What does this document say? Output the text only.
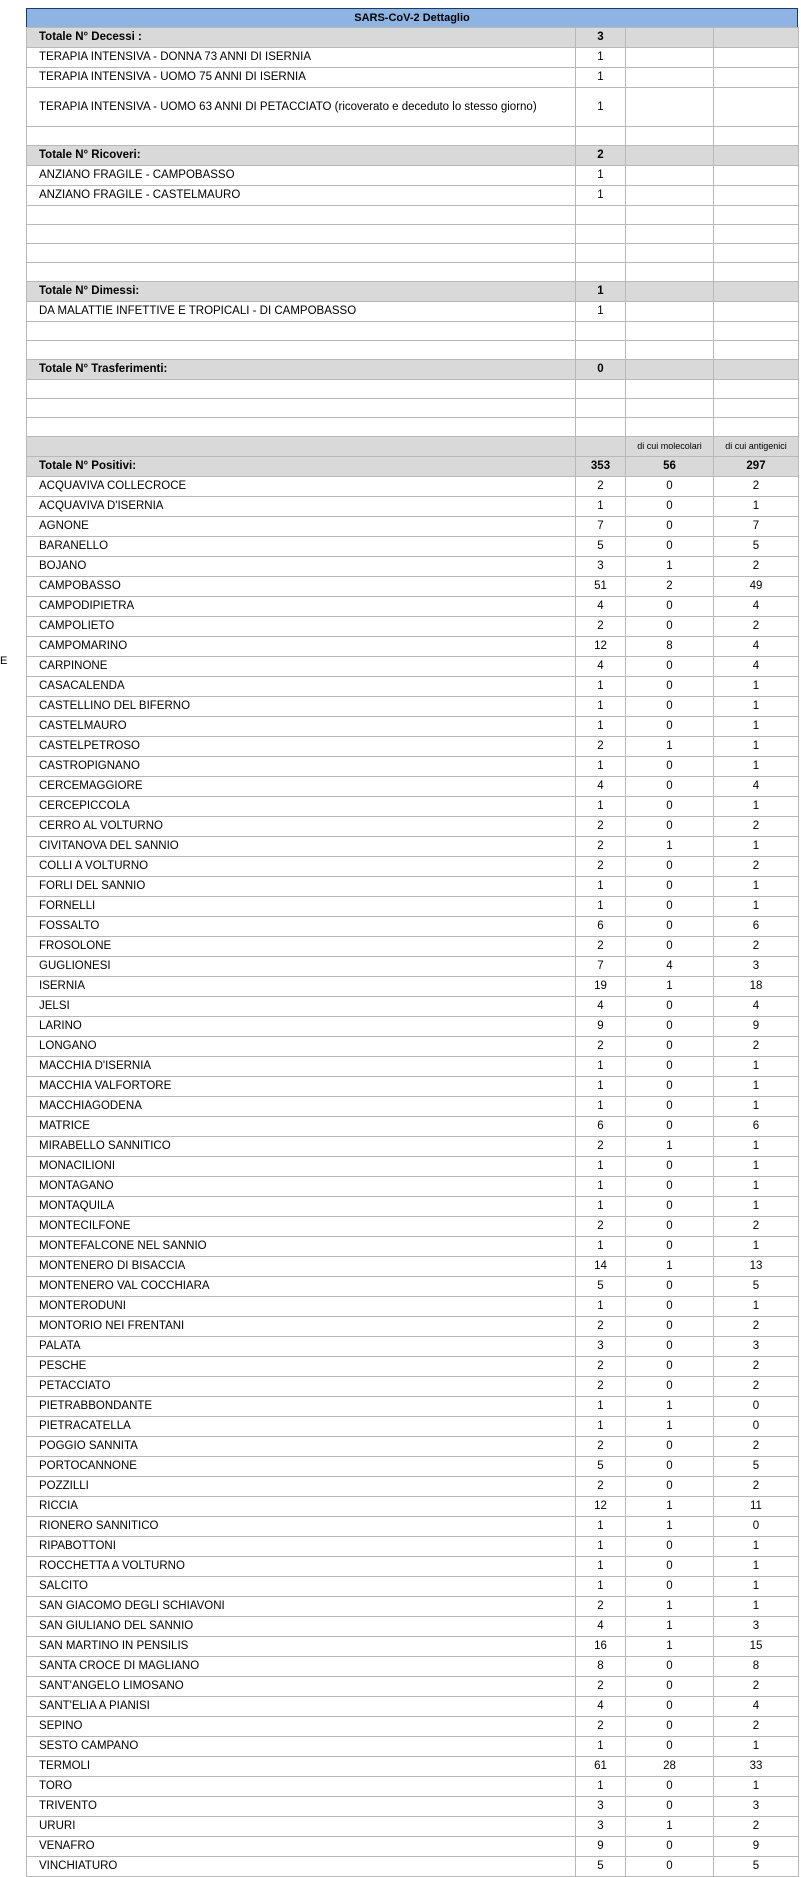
SARS-CoV-2 Dettaglio
Totale N° Decessi :	3		
TERAPIA INTENSIVA - DONNA 73 ANNI DI ISERNIA	1		
TERAPIA INTENSIVA - UOMO 75 ANNI DI ISERNIA	1		
TERAPIA INTENSIVA - UOMO 63 ANNI DI PETACCIATO (ricoverato e deceduto lo stesso giorno)	1		

Totale N° Ricoveri:	2		
ANZIANO FRAGILE - CAMPOBASSO	1		
ANZIANO FRAGILE - CASTELMAURO	1		

Totale N° Dimessi:	1		
DA MALATTIE INFETTIVE E TROPICALI - DI CAMPOBASSO	1		

Totale N° Trasferimenti:	0		

		di cui molecolari	di cui antigenici
Totale N° Positivi:	353	56	297
ACQUAVIVA COLLECROCE	2	0	2
ACQUAVIVA D'ISERNIA	1	0	1
AGNONE	7	0	7
BARANELLO	5	0	5
BOJANO	3	1	2
CAMPOBASSO	51	2	49
CAMPODIPIETRA	4	0	4
CAMPOLIETO	2	0	2
CAMPOMARINO	12	8	4
CARPINONE	4	0	4
CASACALENDA	1	0	1
CASTELLINO DEL BIFERNO	1	0	1
CASTELMAURO	1	0	1
CASTELPETROSO	2	1	1
CASTROPIGNANO	1	0	1
CERCEMAGGIORE	4	0	4
CERCEPICCOLA	1	0	1
CERRO AL VOLTURNO	2	0	2
CIVITANOVA DEL SANNIO	2	1	1
COLLI A VOLTURNO	2	0	2
FORLI DEL SANNIO	1	0	1
FORNELLI	1	0	1
FOSSALTO	6	0	6
FROSOLONE	2	0	2
GUGLIONESI	7	4	3
ISERNIA	19	1	18
JELSI	4	0	4
LARINO	9	0	9
LONGANO	2	0	2
MACCHIA D'ISERNIA	1	0	1
MACCHIA VALFORTORE	1	0	1
MACCHIAGODENA	1	0	1
MATRICE	6	0	6
MIRABELLO SANNITICO	2	1	1
MONACILIONI	1	0	1
MONTAGANO	1	0	1
MONTAQUILA	1	0	1
MONTECILFONE	2	0	2
MONTEFALCONE NEL SANNIO	1	0	1
MONTENERO DI BISACCIA	14	1	13
MONTENERO VAL COCCHIARA	5	0	5
MONTERODUNI	1	0	1
MONTORIO NEI FRENTANI	2	0	2
PALATA	3	0	3
PESCHE	2	0	2
PETACCIATO	2	0	2
PIETRABBONDANTE	1	1	0
PIETRACATELLA	1	1	0
POGGIO SANNITA	2	0	2
PORTOCANNONE	5	0	5
POZZILLI	2	0	2
RICCIA	12	1	11
RIONERO SANNITICO	1	1	0
RIPABOTTONI	1	0	1
ROCCHETTA A VOLTURNO	1	0	1
SALCITO	1	0	1
SAN GIACOMO DEGLI SCHIAVONI	2	1	1
SAN GIULIANO DEL SANNIO	4	1	3
SAN MARTINO IN PENSILIS	16	1	15
SANTA CROCE DI MAGLIANO	8	0	8
SANT'ANGELO LIMOSANO	2	0	2
SANT'ELIA A PIANISI	4	0	4
SEPINO	2	0	2
SESTO CAMPANO	1	0	1
TERMOLI	61	28	33
TORO	1	0	1
TRIVENTO	3	0	3
URURI	3	1	2
VENAFRO	9	0	9
VINCHIATURO	5	0	5
E
